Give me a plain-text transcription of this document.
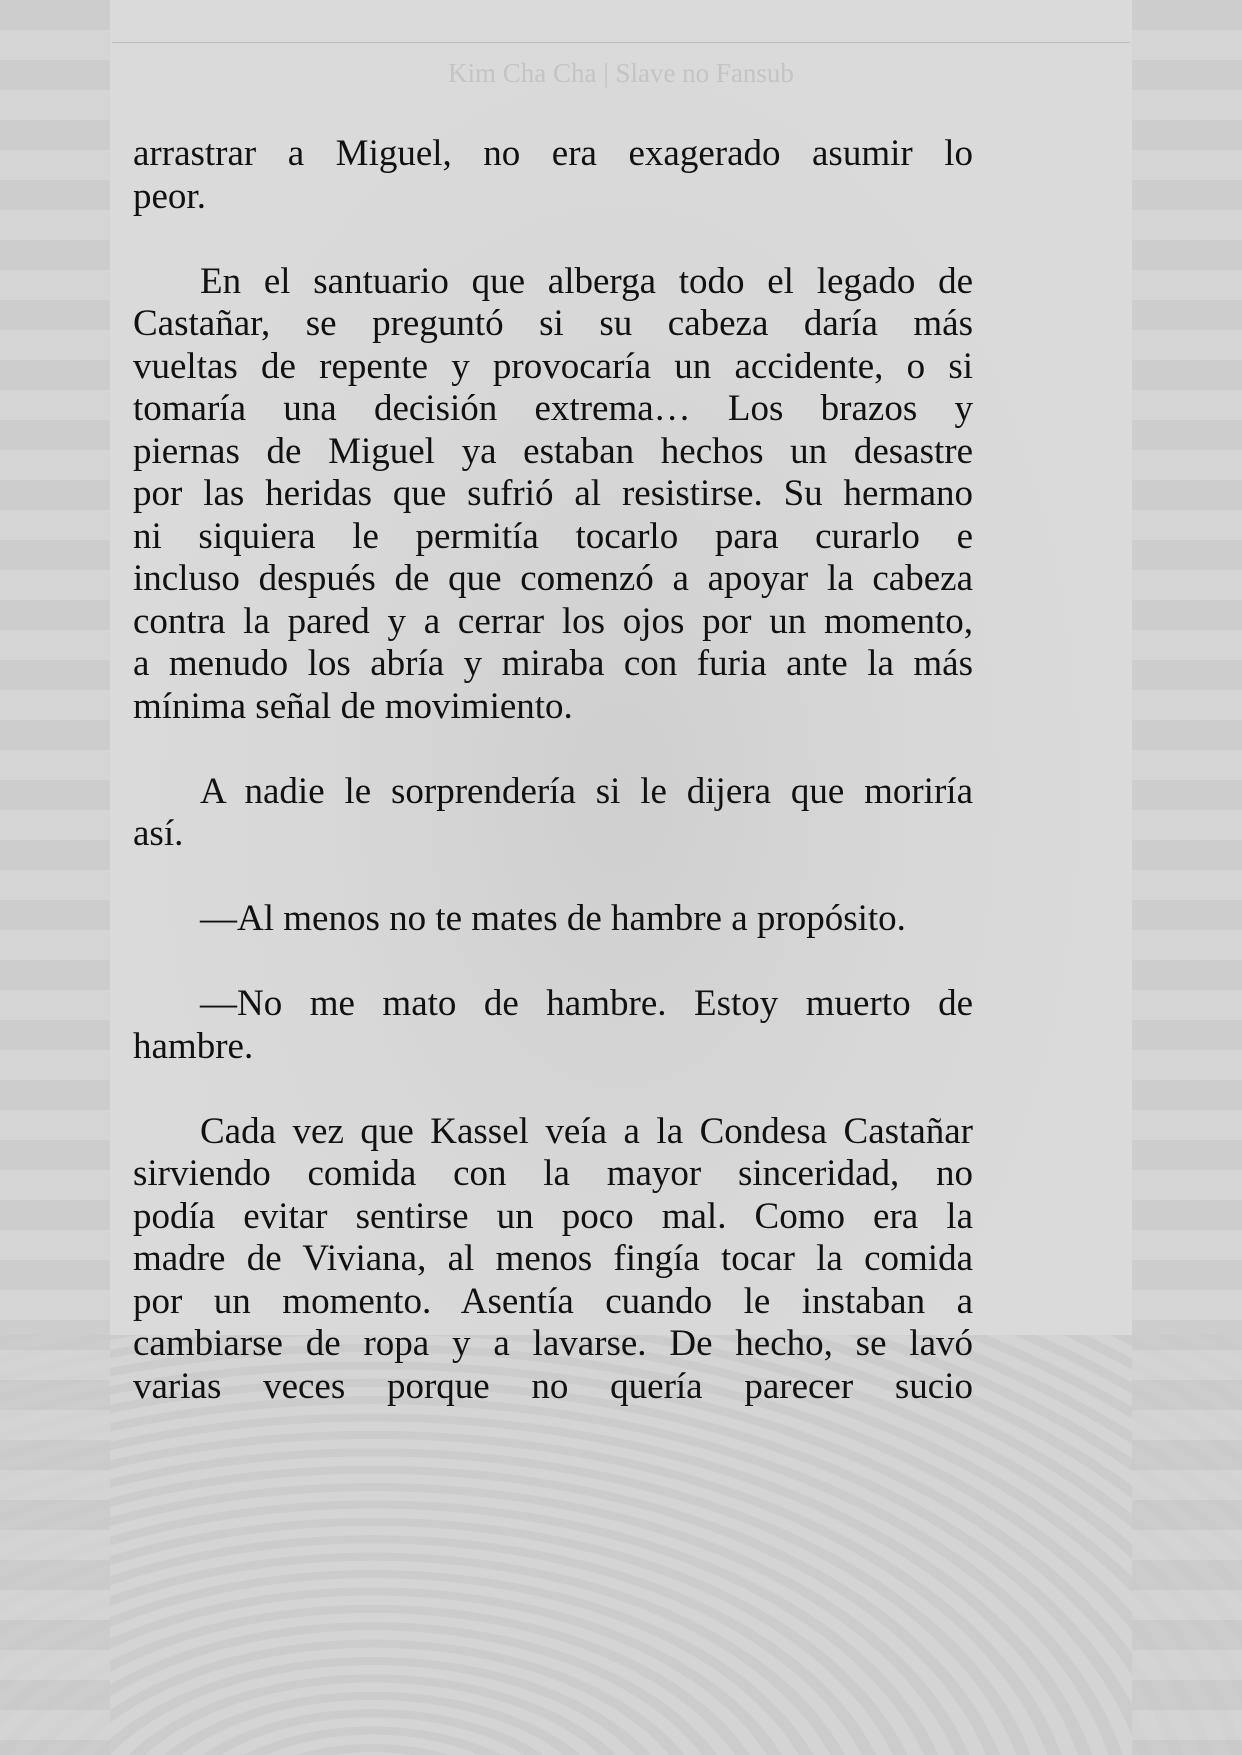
Kim Cha Cha | Slave no Fansub
arrastrar a Miguel, no era exagerado asumir lo
peor.
En el santuario que alberga todo el legado de
Castañar, se preguntó si su cabeza daría más
vueltas de repente y provocaría un accidente, o si
tomaría una decisión extrema… Los brazos y
piernas de Miguel ya estaban hechos un desastre
por las heridas que sufrió al resistirse. Su hermano
ni siquiera le permitía tocarlo para curarlo e
incluso después de que comenzó a apoyar la cabeza
contra la pared y a cerrar los ojos por un momento,
a menudo los abría y miraba con furia ante la más
mínima señal de movimiento.
A nadie le sorprendería si le dijera que moriría
así.
—Al menos no te mates de hambre a propósito.
—No me mato de hambre. Estoy muerto de
hambre.
Cada vez que Kassel veía a la Condesa Castañar
sirviendo comida con la mayor sinceridad, no
podía evitar sentirse un poco mal. Como era la
madre de Viviana, al menos fingía tocar la comida
por un momento. Asentía cuando le instaban a
cambiarse de ropa y a lavarse. De hecho, se lavó
varias veces porque no quería parecer sucio
